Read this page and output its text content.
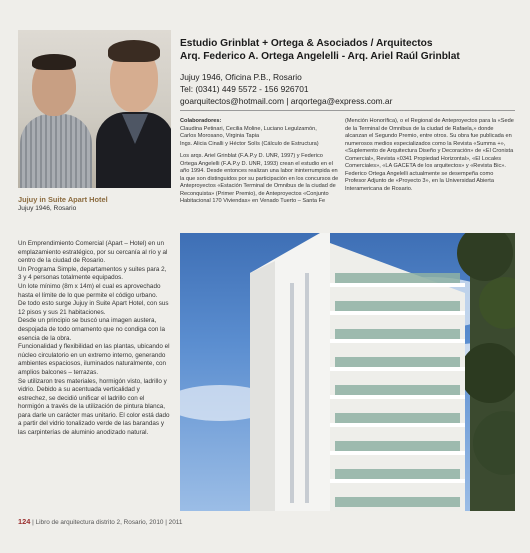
Jujuy in Suite Apart Hotel
Jujuy 1946, Rosario

Un Emprendimiento Comercial (Apart – Hotel) en un emplazamiento estratégico, por su cercanía al río y al centro de la ciudad de Rosario.

Un Programa Simple, departamentos y suites para 2, 3 y 4 personas totalmente equipados.

Un lote mínimo (8m x 14m) el cual es aprovechado hasta el límite de lo que permite el código urbano.

De todo esto surge Jujuy in Suite Apart Hotel, con sus 12 pisos y sus 21 habitaciones.

Desde un principio se buscó una imagen austera, despojada de todo ornamento que no condiga con la esencia de la obra.

Funcionalidad y flexibilidad en las plantas, ubicando el núcleo circulatorio en un extremo interno, generando ambientes espaciosos, iluminados naturalmente, con amplios balcones – terrazas.

Se utilizaron tres materiales, hormigón visto, ladrillo y vidrio. Debido a su acentuada verticalidad y estrechez, se decidió unificar el ladrillo con el hormigón a través de la utilización de pintura blanca, para darle un carácter mas unitario. El color está dado a partir del vidrio tonalizado verde de las barandas y las carpinterías de aluminio anodizado natural.

Estudio Grinblat + Ortega & Asociados / Arquitectos
Arq. Federico A. Ortega Angelelli - Arq. Ariel Raúl Grinblat
Jujuy 1946, Oficina P.B., Rosario
Tel: (0341) 449 5572 - 156 926701
goarquitectos@hotmail.com | arqortega@express.com.ar
Colaboradores:
Claudina Petinari, Cecilia Moline, Luciano Legulzamón,
Carlos Morosano, Virginia Tapia
Ings. Alicia Cinalli y Héctor Solís (Cálculo de Estructura)
Los arqs. Ariel Grinblat (F.A.P.y D. UNR, 1997) y Federico Ortega Angelelli (F.A.P.y D. UNR, 1993) crean el estudio en el año 1994. Desde entonces realizan una labor ininterrumpida en la que son distinguidos por su participación en los concursos de Anteproyectos «Estación Terminal de Omnibus de la ciudad de Reconquista» (Primer Premio), de Anteproyectos «Conjunto Habitacional 170 Viviendas» en Venado Tuerto – Santa Fe
(Mención Honorífica), o el Regional de Anteproyectos para la «Sede de la Terminal de Omnibus de la ciudad de Rafaela,» donde alcanzan el Segundo Premio, entre otros. Su obra fue publicada en numerosos medios especializados como la Revista «Summa +», «Suplemento de Arquitectura Diseño y Decoración» de «El Cronista Comercial», Revista «0341 Propiedad Horizontal», «El Locales Comerciales», «LA GACETA de los arquitectos» y «Revista Bic». Federico Ortega Angelelli actualmente se desempeña como Profesor Adjunto de «Proyecto 3», en la Universidad Abierta Interamericana de Rosario.
124 | Libro de arquitectura distrito 2, Rosario, 2010 | 2011
